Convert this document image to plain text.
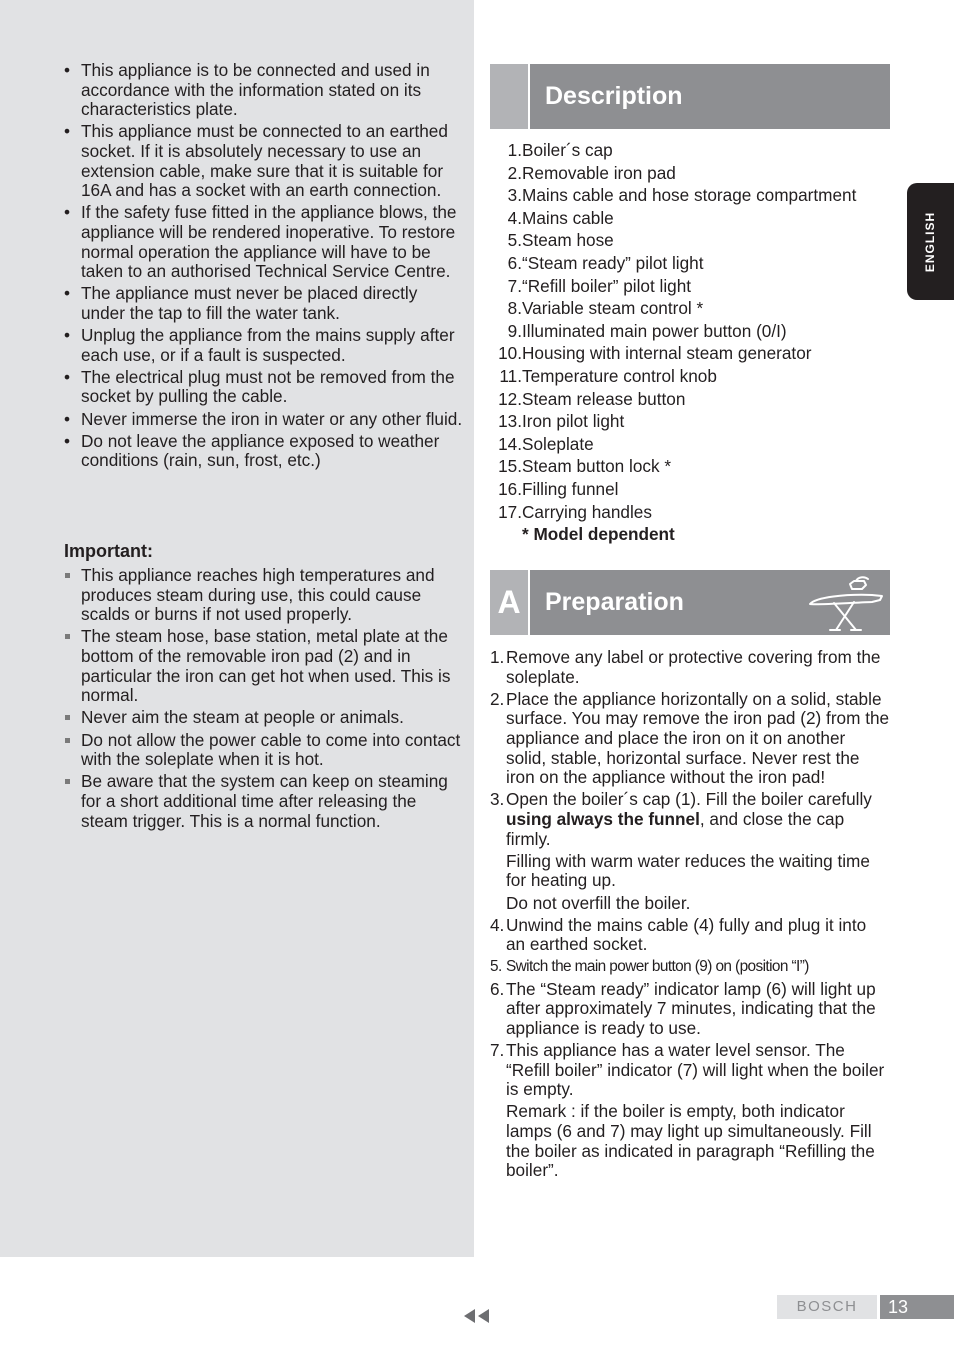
• This appliance is to be connected and used in accordance with the information stated on its characteristics plate.
• This appliance must be connected to an earthed socket. If it is absolutely necessary to use an extension cable, make sure that it is suitable for 16A and has a socket with an earth connection.
• If the safety fuse fitted in the appliance blows, the appliance will be rendered inoperative. To restore normal operation the appliance will have to be taken to an authorised Technical Service Centre.
• The appliance must never be placed directly under the tap to fill the water tank.
• Unplug the appliance from the mains supply after each use, or if a fault is suspected.
• The electrical plug must not be removed from the socket by pulling the cable.
• Never immerse the iron in water or any other fluid.
• Do not leave the appliance exposed to weather conditions (rain, sun, frost, etc.)
Important:
This appliance reaches high temperatures and produces steam during use, this could cause scalds or burns if not used properly.
The steam hose, base station, metal plate at the bottom of the removable iron pad (2) and in particular the iron can get hot when used. This is normal.
Never aim the steam at people or animals.
Do not allow the power cable to come into contact with the soleplate when it is hot.
Be aware that the system can keep on steaming for a short additional time after releasing the steam trigger. This is a normal function.
Description
1. Boiler´s cap
2. Removable iron pad
3. Mains cable and hose storage compartment
4. Mains cable
5. Steam hose
6. “Steam ready” pilot light
7. “Refill boiler” pilot light
8. Variable steam control *
9. Illuminated main power button (0/I)
10. Housing with internal steam generator
11. Temperature control knob
12. Steam release button
13. Iron pilot light
14. Soleplate
15. Steam button lock *
16. Filling funnel
17. Carrying handles
* Model dependent
A Preparation
1. Remove any label or protective covering from the soleplate.

2. Place the appliance horizontally on a solid, stable surface. You may remove the iron pad (2) from the appliance and place the iron on it on another solid, stable, horizontal surface. Never rest the iron on the appliance without the iron pad!

3. Open the boiler´s cap (1). Fill the boiler carefully using always the funnel, and close the cap firmly.

Filling with warm water reduces the waiting time for heating up.

Do not overfill the boiler.

4. Unwind the mains cable (4) fully and plug it into an earthed socket.

5. Switch the main power button (9) on (position “I”)

6. The “Steam ready” indicator lamp (6) will light up after approximately 7 minutes, indicating that the appliance is ready to use.

7. This appliance has a water level sensor. The “Refill boiler” indicator (7) will light when the boiler is empty.

Remark : if the boiler is empty, both indicator lamps (6 and 7) may light up simultaneously. Fill the boiler as indicated in paragraph “Refilling the boiler”.

ENGLISH
BOSCH	13
